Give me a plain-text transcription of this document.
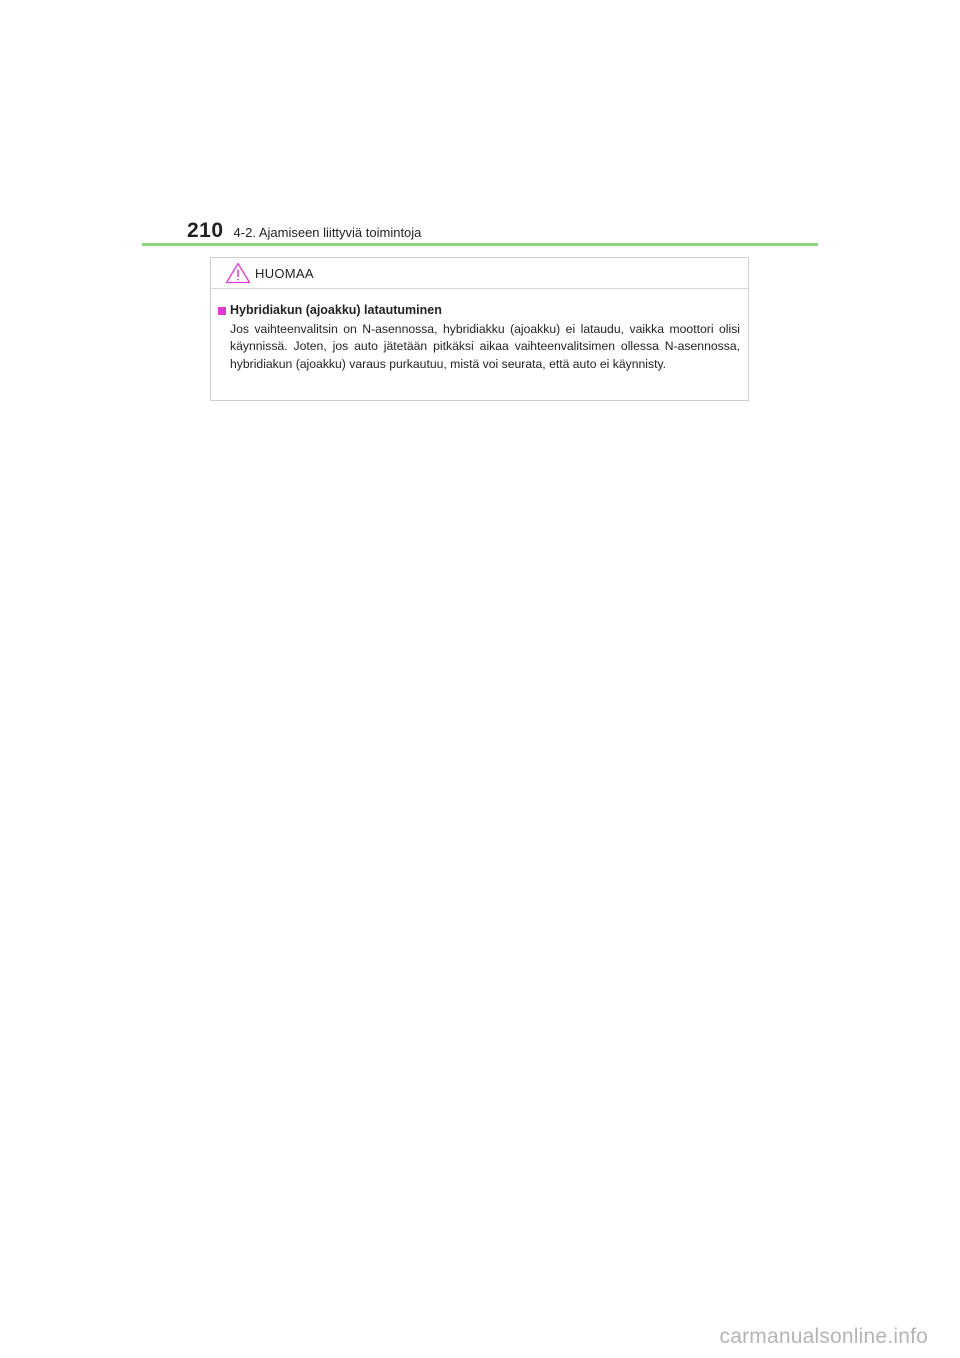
210 4-2. Ajamiseen liittyviä toimintoja
HUOMAA
Hybridiakun (ajoakku) latautuminen
Jos vaihteenvalitsin on N-asennossa, hybridiakku (ajoakku) ei lataudu, vaikka moottori olisi käynnissä. Joten, jos auto jätetään pitkäksi aikaa vaihteenvalitsimen ollessa N-asennossa, hybridiakun (ajoakku) varaus purkautuu, mistä voi seurata, että auto ei käynnisty.
carmanualsonline.info
